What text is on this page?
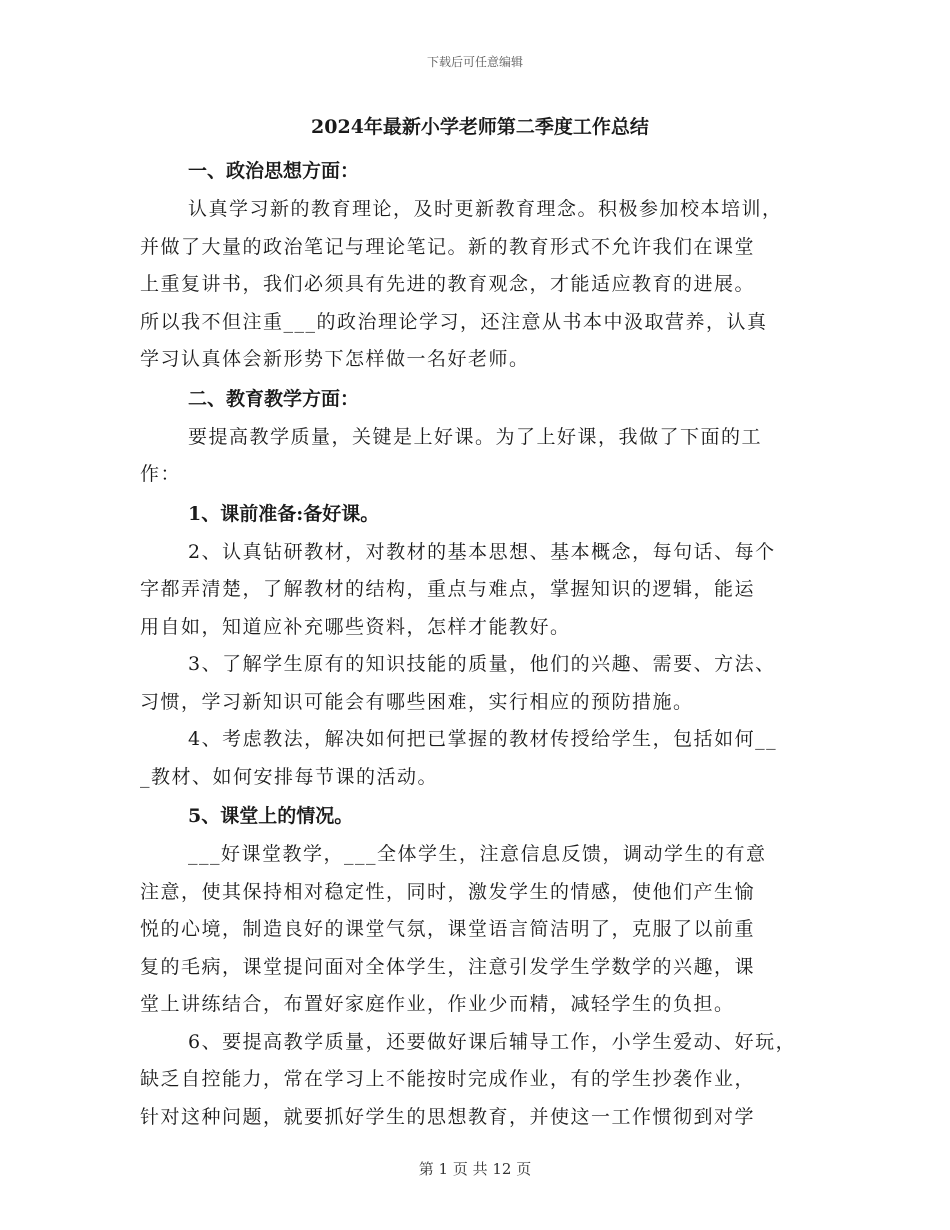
下载后可任意编辑
2024年最新小学老师第二季度工作总结
一、政治思想方面：

认真学习新的教育理论，及时更新教育理念。积极参加校本培训，
并做了大量的政治笔记与理论笔记。新的教育形式不允许我们在课堂
上重复讲书，我们必须具有先进的教育观念，才能适应教育的进展。
所以我不但注重___的政治理论学习，还注意从书本中汲取营养，认真
学习认真体会新形势下怎样做一名好老师。

二、教育教学方面：

要提高教学质量，关键是上好课。为了上好课，我做了下面的工
作：

1、课前准备:备好课。

2、认真钻研教材，对教材的基本思想、基本概念，每句话、每个
字都弄清楚，了解教材的结构，重点与难点，掌握知识的逻辑，能运
用自如，知道应补充哪些资料，怎样才能教好。

3、了解学生原有的知识技能的质量，他们的兴趣、需要、方法、
习惯，学习新知识可能会有哪些困难，实行相应的预防措施。

4、考虑教法，解决如何把已掌握的教材传授给学生，包括如何__
_教材、如何安排每节课的活动。

5、课堂上的情况。

___好课堂教学，___全体学生，注意信息反馈，调动学生的有意
注意，使其保持相对稳定性，同时，激发学生的情感，使他们产生愉
悦的心境，制造良好的课堂气氛，课堂语言简洁明了，克服了以前重
复的毛病，课堂提问面对全体学生，注意引发学生学数学的兴趣，课
堂上讲练结合，布置好家庭作业，作业少而精，减轻学生的负担。

6、要提高教学质量，还要做好课后辅导工作，小学生爱动、好玩，
缺乏自控能力，常在学习上不能按时完成作业，有的学生抄袭作业，
针对这种问题，就要抓好学生的思想教育，并使这一工作惯彻到对学

第 1 页 共 12 页
